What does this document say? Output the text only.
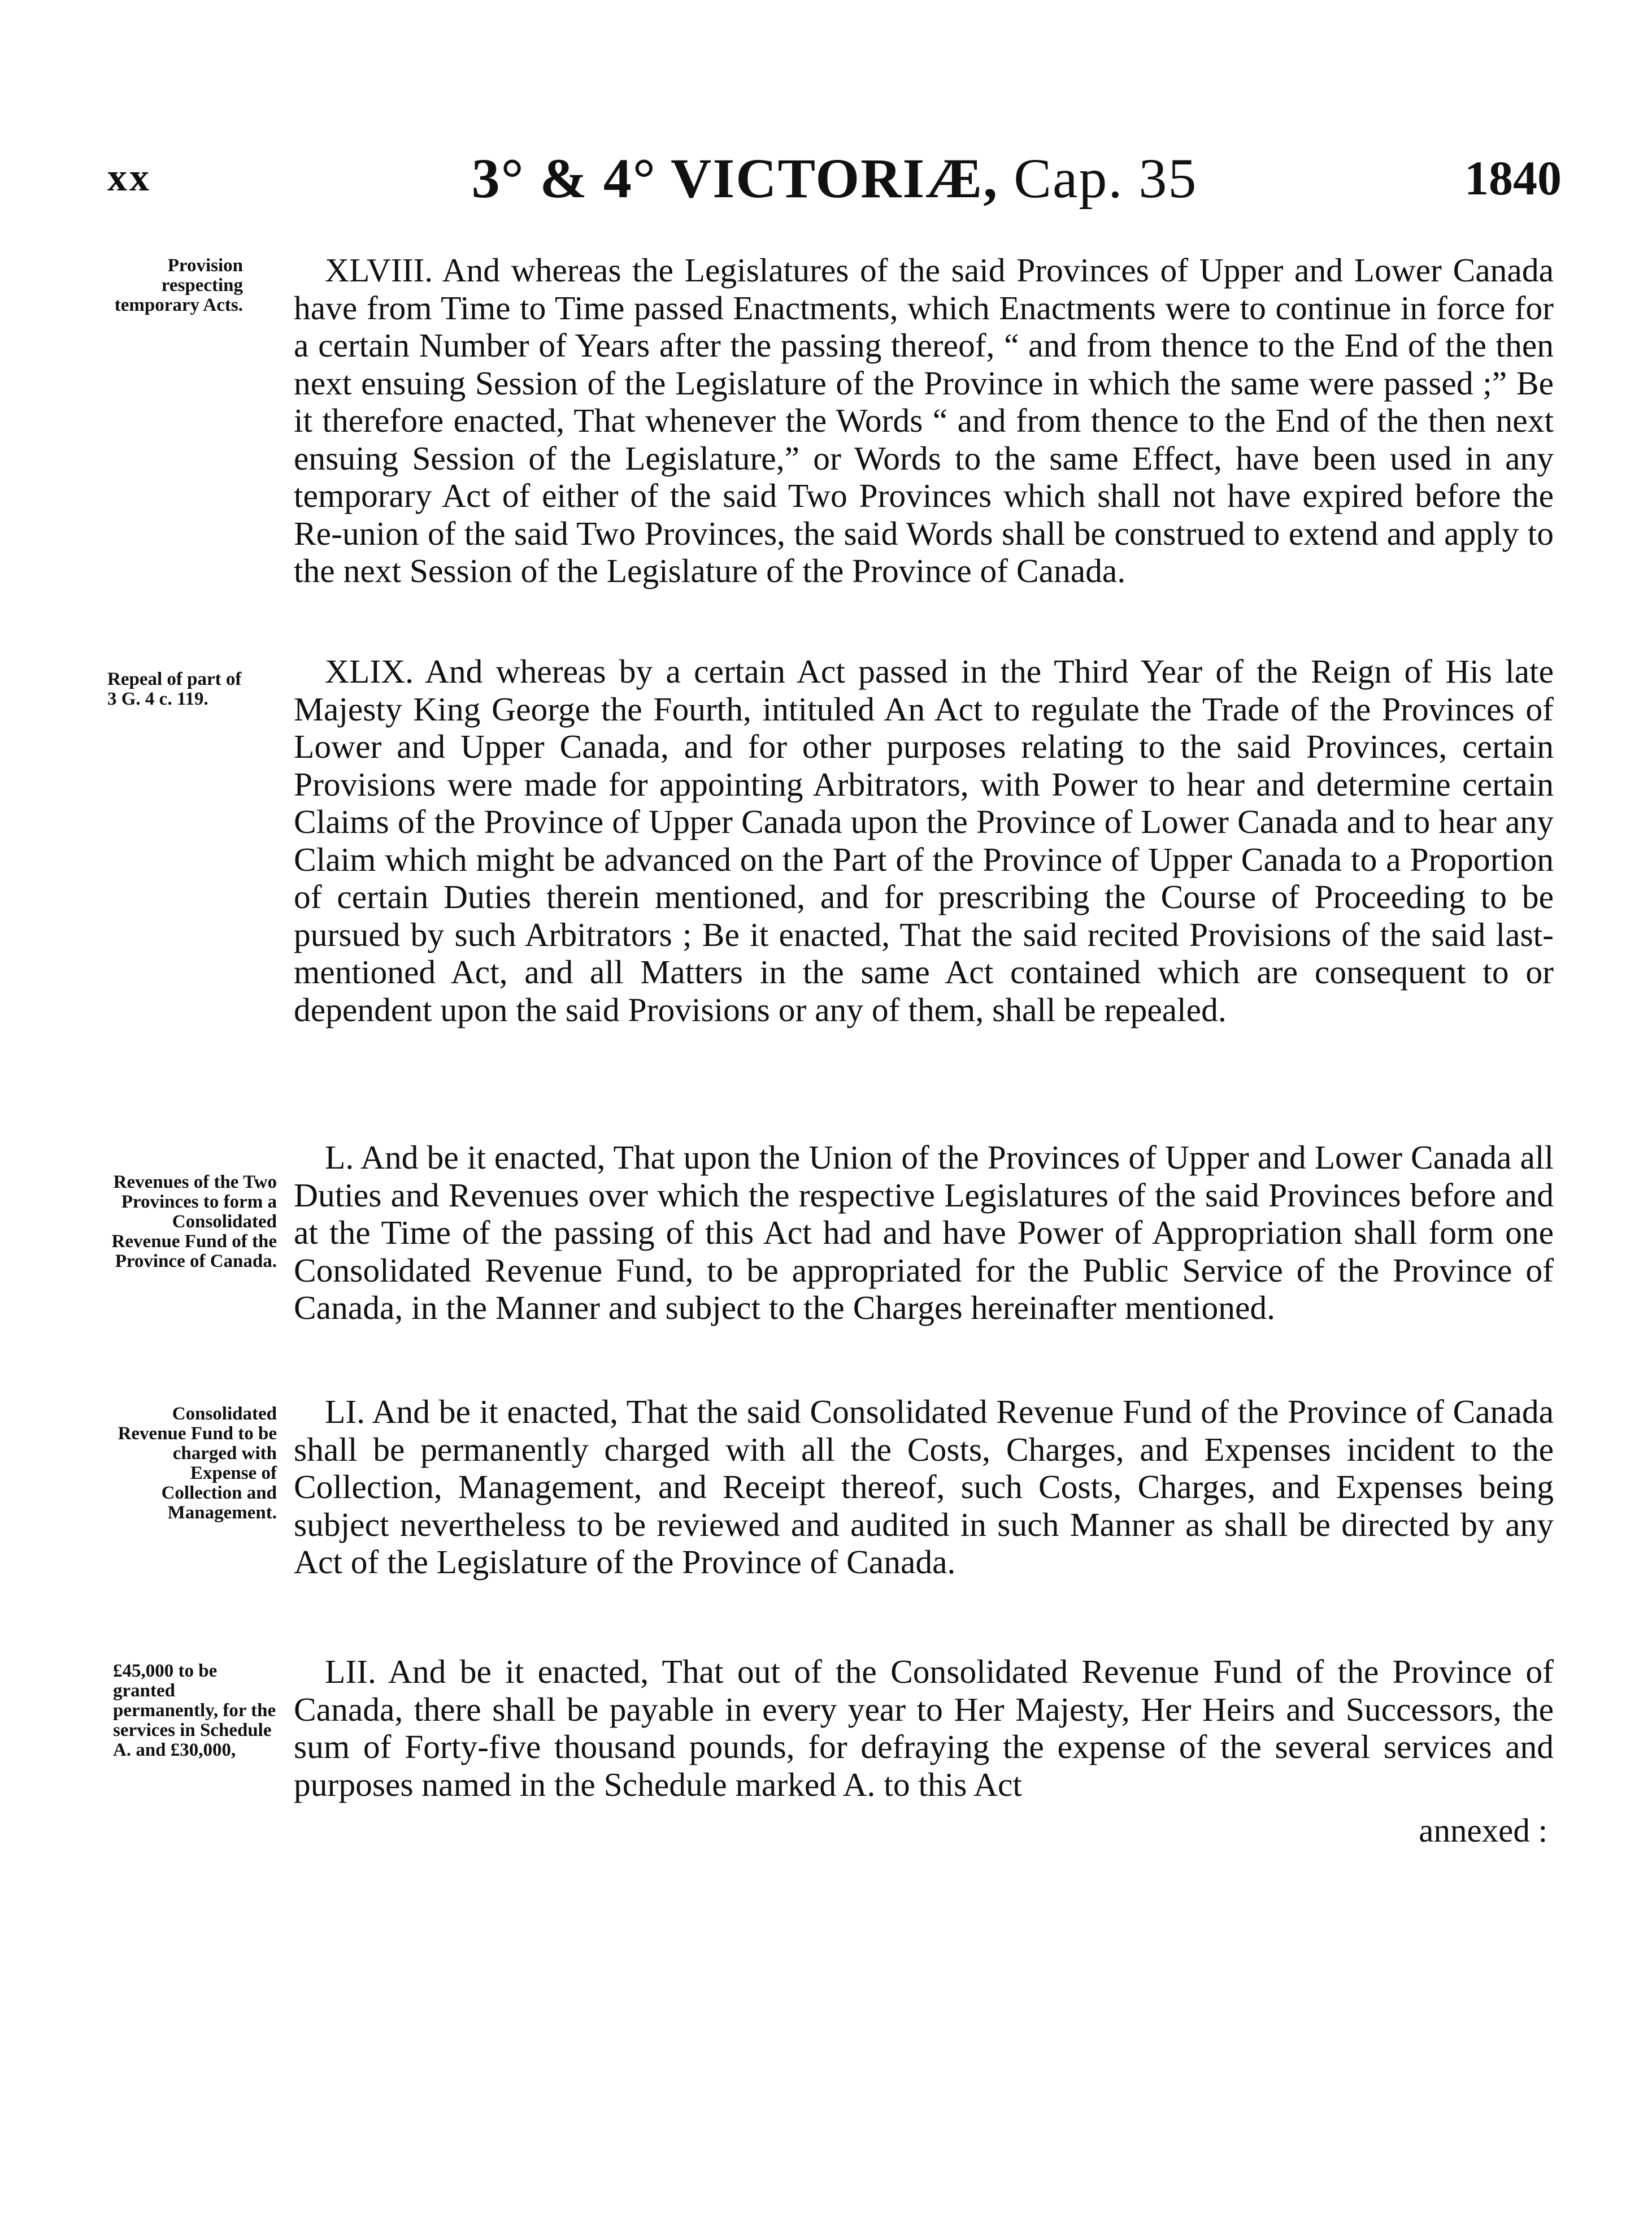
xx	3° & 4° VICTORIÆ, Cap. 35	1840
Provision respecting temporary Acts.
XLVIII. And whereas the Legislatures of the said Provinces of Upper and Lower Canada have from Time to Time passed Enactments, which Enactments were to continue in force for a certain Number of Years after the passing thereof, “ and from thence to the End of the then next ensuing Session of the Legislature of the Province in which the same were passed ;” Be it therefore enacted, That whenever the Words “ and from thence to the End of the then next ensuing Session of the Legislature,” or Words to the same Effect, have been used in any temporary Act of either of the said Two Provinces which shall not have expired before the Re-union of the said Two Provinces, the said Words shall be construed to extend and apply to the next Session of the Legislature of the Province of Canada.
Repeal of part of 3 G. 4 c. 119.
XLIX. And whereas by a certain Act passed in the Third Year of the Reign of His late Majesty King George the Fourth, intituled An Act to regulate the Trade of the Provinces of Lower and Upper Canada, and for other purposes relating to the said Provinces, certain Provisions were made for appointing Arbitrators, with Power to hear and determine certain Claims of the Province of Upper Canada upon the Province of Lower Canada and to hear any Claim which might be advanced on the Part of the Province of Upper Canada to a Proportion of certain Duties therein mentioned, and for prescribing the Course of Proceeding to be pursued by such Arbitrators ; Be it enacted, That the said recited Provisions of the said last-mentioned Act, and all Matters in the same Act contained which are consequent to or dependent upon the said Provisions or any of them, shall be repealed.
Revenues of the Two Provinces to form a Consolidated Revenue Fund of the Province of Canada.
L. And be it enacted, That upon the Union of the Provinces of Upper and Lower Canada all Duties and Revenues over which the respective Legislatures of the said Provinces before and at the Time of the passing of this Act had and have Power of Appropriation shall form one Consolidated Revenue Fund, to be appropriated for the Public Service of the Province of Canada, in the Manner and subject to the Charges hereinafter mentioned.
Consolidated Revenue Fund to be charged with Expense of Collection and Management.
LI. And be it enacted, That the said Consolidated Revenue Fund of the Province of Canada shall be permanently charged with all the Costs, Charges, and Expenses incident to the Collection, Management, and Receipt thereof, such Costs, Charges, and Expenses being subject nevertheless to be reviewed and audited in such Manner as shall be directed by any Act of the Legislature of the Province of Canada.
£45,000 to be granted permanently, for the services in Schedule A. and £30,000,
LII. And be it enacted, That out of the Consolidated Revenue Fund of the Province of Canada, there shall be payable in every year to Her Majesty, Her Heirs and Successors, the sum of Forty-five thousand pounds, for defraying the expense of the several services and purposes named in the Schedule marked A. to this Act
annexed :
